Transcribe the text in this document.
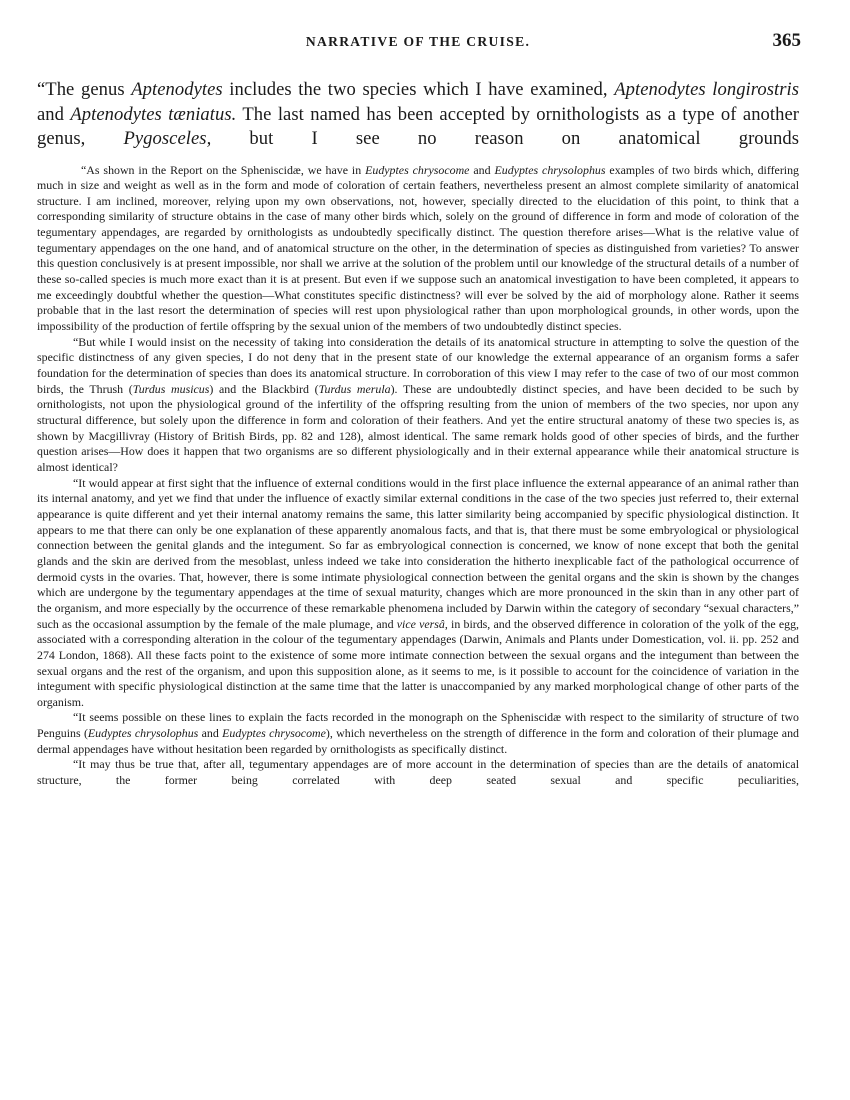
NARRATIVE OF THE CRUISE.	365
“The genus Aptenodytes includes the two species which I have examined, Aptenodytes longirostris and Aptenodytes tæniatus. The last named has been accepted by ornithologists as a type of another genus, Pygosceles, but I see no reason on anatomical grounds

“As shown in the Report on the Spheniscidæ, we have in Eudyptes chrysocome and Eudyptes chrysolophus examples of two birds which, differing much in size and weight as well as in the form and mode of coloration of certain feathers, nevertheless present an almost complete similarity of anatomical structure. I am inclined, moreover, relying upon my own observations, not, however, specially directed to the elucidation of this point, to think that a corresponding similarity of structure obtains in the case of many other birds which, solely on the ground of difference in form and mode of coloration of the tegumentary appendages, are regarded by ornithologists as undoubtedly specifically distinct. The question therefore arises—What is the relative value of tegumentary appendages on the one hand, and of anatomical structure on the other, in the determination of species as distinguished from varieties? To answer this question conclusively is at present impossible, nor shall we arrive at the solution of the problem until our knowledge of the structural details of a number of these so-called species is much more exact than it is at present. But even if we suppose such an anatomical investigation to have been completed, it appears to me exceedingly doubtful whether the question—What constitutes specific distinctness? will ever be solved by the aid of morphology alone. Rather it seems probable that in the last resort the determination of species will rest upon physiological rather than upon morphological grounds, in other words, upon the impossibility of the production of fertile offspring by the sexual union of the members of two undoubtedly distinct species.

“But while I would insist on the necessity of taking into consideration the details of its anatomical structure in attempting to solve the question of the specific distinctness of any given species, I do not deny that in the present state of our knowledge the external appearance of an organism forms a safer foundation for the determination of species than does its anatomical structure. In corroboration of this view I may refer to the case of two of our most common birds, the Thrush (Turdus musicus) and the Blackbird (Turdus merula). These are undoubtedly distinct species, and have been decided to be such by ornithologists, not upon the physiological ground of the infertility of the offspring resulting from the union of members of the two species, nor upon any structural difference, but solely upon the difference in form and coloration of their feathers. And yet the entire structural anatomy of these two species is, as shown by Macgillivray (History of British Birds, pp. 82 and 128), almost identical. The same remark holds good of other species of birds, and the further question arises—How does it happen that two organisms are so different physiologically and in their external appearance while their anatomical structure is almost identical?

“It would appear at first sight that the influence of external conditions would in the first place influence the external appearance of an animal rather than its internal anatomy, and yet we find that under the influence of exactly similar external conditions in the case of the two species just referred to, their external appearance is quite different and yet their internal anatomy remains the same, this latter similarity being accompanied by specific physiological distinction. It appears to me that there can only be one explanation of these apparently anomalous facts, and that is, that there must be some embryological or physiological connection between the genital glands and the integument. So far as embryological connection is concerned, we know of none except that both the genital glands and the skin are derived from the mesoblast, unless indeed we take into consideration the hitherto inexplicable fact of the pathological occurrence of dermoid cysts in the ovaries. That, however, there is some intimate physiological connection between the genital organs and the skin is shown by the changes which are undergone by the tegumentary appendages at the time of sexual maturity, changes which are more pronounced in the skin than in any other part of the organism, and more especially by the occurrence of these remarkable phenomena included by Darwin within the category of secondary “sexual characters,” such as the occasional assumption by the female of the male plumage, and vice versâ, in birds, and the observed difference in coloration of the yolk of the egg, associated with a corresponding alteration in the colour of the tegumentary appendages (Darwin, Animals and Plants under Domestication, vol. ii. pp. 252 and 274 London, 1868). All these facts point to the existence of some more intimate connection between the sexual organs and the integument than between the sexual organs and the rest of the organism, and upon this supposition alone, as it seems to me, is it possible to account for the coincidence of variation in the integument with specific physiological distinction at the same time that the latter is unaccompanied by any marked morphological change of other parts of the organism.

“It seems possible on these lines to explain the facts recorded in the monograph on the Spheniscidæ with respect to the similarity of structure of two Penguins (Eudyptes chrysolophus and Eudyptes chrysocome), which nevertheless on the strength of difference in the form and coloration of their plumage and dermal appendages have without hesitation been regarded by ornithologists as specifically distinct.

“It may thus be true that, after all, tegumentary appendages are of more account in the determination of species than are the details of anatomical structure, the former being correlated with deep seated sexual and specific peculiarities,
